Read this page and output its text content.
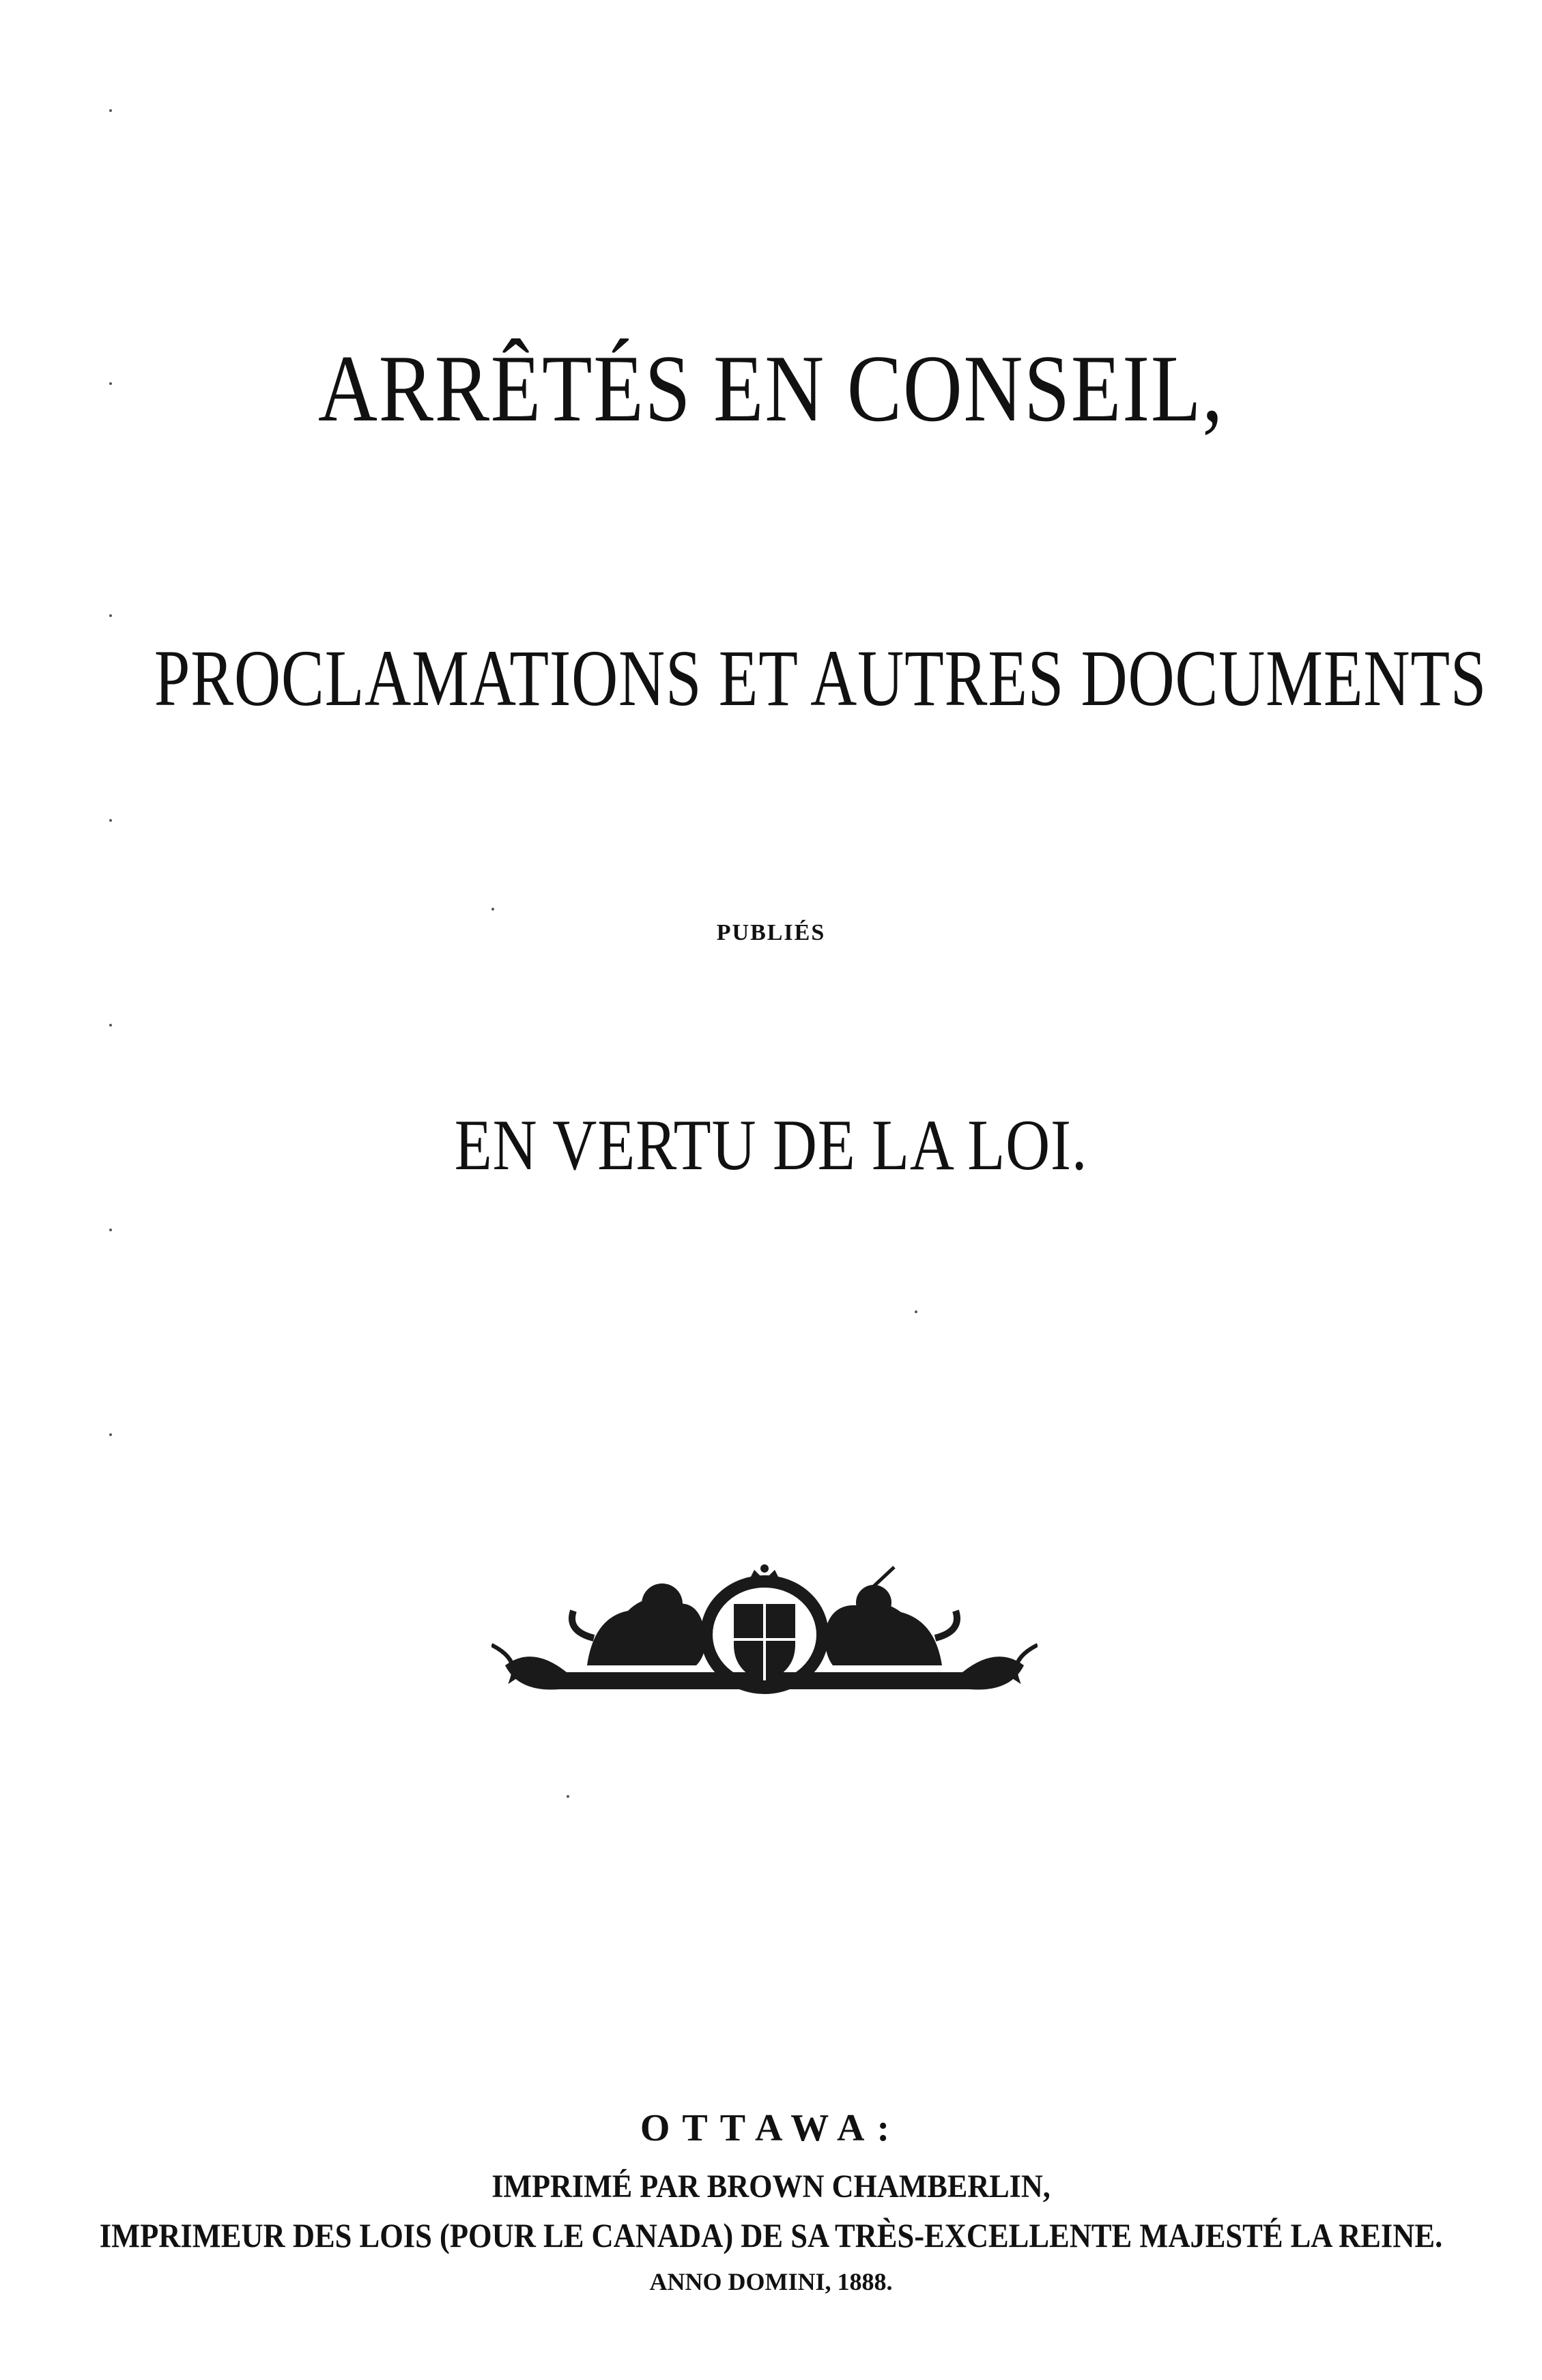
ARRÊTÉS EN CONSEIL,
PROCLAMATIONS ET AUTRES DOCUMENTS
PUBLIÉS
EN VERTU DE LA LOI.
OTTAWA:
IMPRIMÉ PAR BROWN CHAMBERLIN,
IMPRIMEUR DES LOIS (POUR LE CANADA) DE SA TRÈS-EXCELLENTE MAJESTÉ LA REINE.
ANNO DOMINI, 1888.
